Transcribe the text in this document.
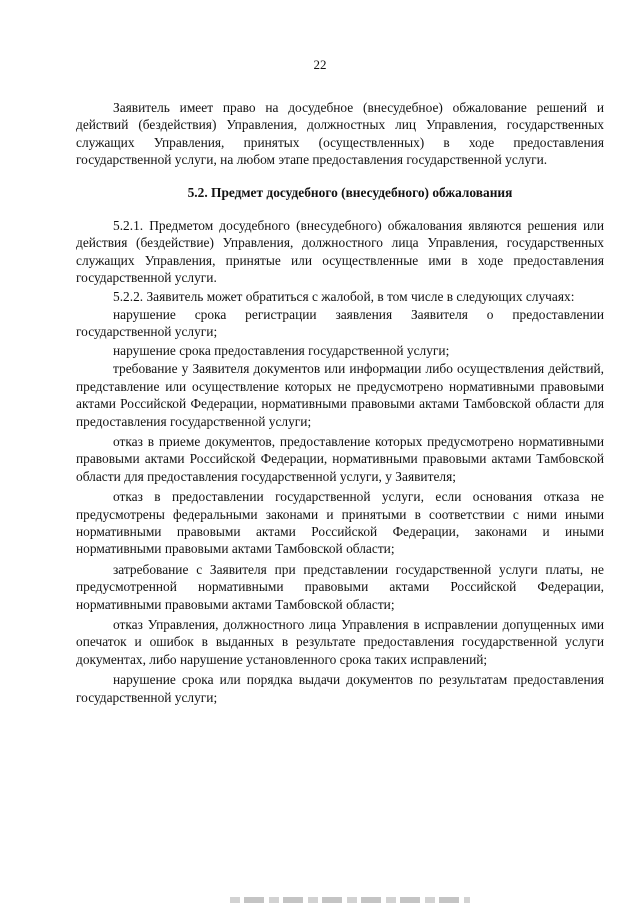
22

Заявитель имеет право на досудебное (внесудебное) обжалование решений и действий (бездействия) Управления, должностных лиц Управления, государственных служащих Управления, принятых (осуществленных) в ходе предоставления государственной услуги, на любом этапе предоставления государственной услуги.

5.2. Предмет досудебного (внесудебного) обжалования

5.2.1. Предметом досудебного (внесудебного) обжалования являются решения или действия (бездействие) Управления, должностного лица Управления, государственных служащих Управления, принятые или осуществленные ими в ходе предоставления государственной услуги.

5.2.2. Заявитель может обратиться с жалобой, в том числе в следующих случаях:

нарушение срока регистрации заявления Заявителя о предоставлении государственной услуги;

нарушение срока предоставления государственной услуги;

требование у Заявителя документов или информации либо осуществления действий, представление или осуществление которых не предусмотрено нормативными правовыми актами Российской Федерации, нормативными правовыми актами Тамбовской области для предоставления государственной услуги;

отказ в приеме документов, предоставление которых предусмотрено нормативными правовыми актами Российской Федерации, нормативными правовыми актами Тамбовской области для предоставления государственной услуги, у Заявителя;

отказ в предоставлении государственной услуги, если основания отказа не предусмотрены федеральными законами и принятыми в соответствии с ними иными нормативными правовыми актами Российской Федерации, законами и иными нормативными правовыми актами Тамбовской области;

затребование с Заявителя при представлении государственной услуги платы, не предусмотренной нормативными правовыми актами Российской Федерации, нормативными правовыми актами Тамбовской области;

отказ Управления, должностного лица Управления в исправлении допущенных ими опечаток и ошибок в выданных в результате предоставления государственной услуги документах, либо нарушение установленного срока таких исправлений;

нарушение срока или порядка выдачи документов по результатам предоставления государственной услуги;
